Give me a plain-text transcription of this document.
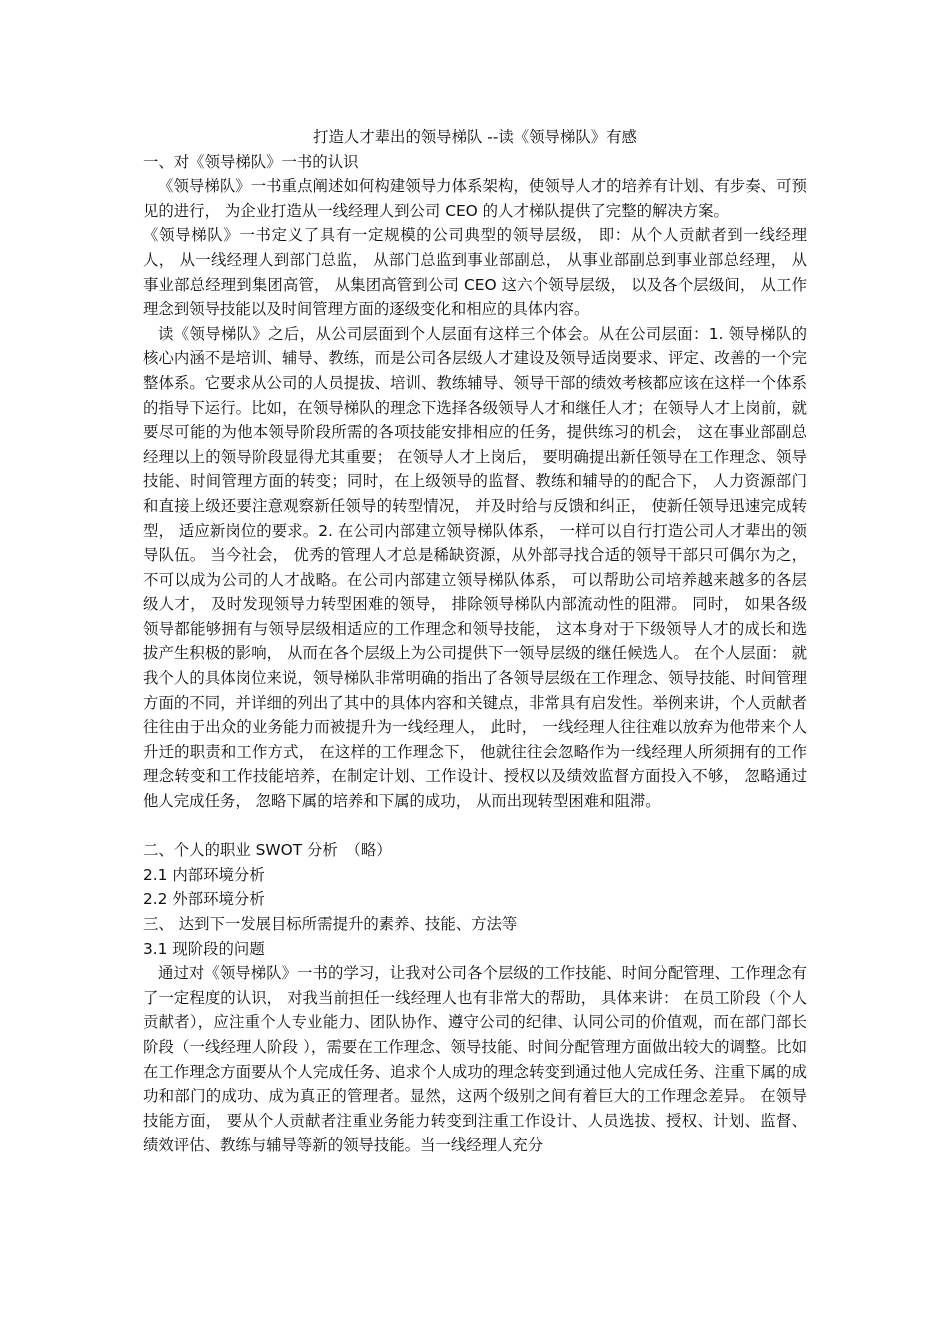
打造人才辈出的领导梯队 --读《领导梯队》有感

一、对《领导梯队》一书的认识

《领导梯队》一书重点阐述如何构建领导力体系架构，使领导人才的培养有计划、有步奏、可预见的进行， 为企业打造从一线经理人到公司 CEO 的人才梯队提供了完整的解决方案。

《领导梯队》一书定义了具有一定规模的公司典型的领导层级， 即：从个人贡献者到一线经理人， 从一线经理人到部门总监， 从部门总监到事业部副总， 从事业部副总到事业部总经理， 从事业部总经理到集团高管， 从集团高管到公司 CEO 这六个领导层级， 以及各个层级间， 从工作理念到领导技能以及时间管理方面的逐级变化和相应的具体内容。

读《领导梯队》之后，从公司层面到个人层面有这样三个体会。从在公司层面：1. 领导梯队的核心内涵不是培训、辅导、教练，而是公司各层级人才建设及领导适岗要求、评定、改善的一个完整体系。它要求从公司的人员提拔、培训、教练辅导、领导干部的绩效考核都应该在这样一个体系的指导下运行。比如，在领导梯队的理念下选择各级领导人才和继任人才；在领导人才上岗前，就要尽可能的为他本领导阶段所需的各项技能安排相应的任务，提供练习的机会， 这在事业部副总经理以上的领导阶段显得尤其重要； 在领导人才上岗后， 要明确提出新任领导在工作理念、领导技能、时间管理方面的转变；同时，在上级领导的监督、教练和辅导的的配合下， 人力资源部门和直接上级还要注意观察新任领导的转型情况， 并及时给与反馈和纠正， 使新任领导迅速完成转型， 适应新岗位的要求。2. 在公司内部建立领导梯队体系， 一样可以自行打造公司人才辈出的领导队伍。 当今社会， 优秀的管理人才总是稀缺资源，从外部寻找合适的领导干部只可偶尔为之，不可以成为公司的人才战略。在公司内部建立领导梯队体系， 可以帮助公司培养越来越多的各层级人才， 及时发现领导力转型困难的领导， 排除领导梯队内部流动性的阻滞。 同时， 如果各级领导都能够拥有与领导层级相适应的工作理念和领导技能， 这本身对于下级领导人才的成长和选拔产生积极的影响， 从而在各个层级上为公司提供下一领导层级的继任候选人。 在个人层面： 就我个人的具体岗位来说，领导梯队非常明确的指出了各领导层级在工作理念、领导技能、时间管理方面的不同，并详细的列出了其中的具体内容和关键点，非常具有启发性。举例来讲，个人贡献者往往由于出众的业务能力而被提升为一线经理人， 此时， 一线经理人往往难以放弃为他带来个人升迁的职责和工作方式， 在这样的工作理念下， 他就往往会忽略作为一线经理人所须拥有的工作理念转变和工作技能培养，在制定计划、工作设计、授权以及绩效监督方面投入不够， 忽略通过他人完成任务， 忽略下属的培养和下属的成功， 从而出现转型困难和阻滞。

二、个人的职业 SWOT 分析　（略）

2.1 内部环境分析

2.2 外部环境分析

三、 达到下一发展目标所需提升的素养、技能、方法等

3.1 现阶段的问题

通过对《领导梯队》一书的学习，让我对公司各个层级的工作技能、时间分配管理、工作理念有了一定程度的认识， 对我当前担任一线经理人也有非常大的帮助， 具体来讲： 在员工阶段（个人贡献者），应注重个人专业能力、团队协作、遵守公司的纪律、认同公司的价值观，而在部门部长阶段（一线经理人阶段 ），需要在工作理念、领导技能、时间分配管理方面做出较大的调整。比如在工作理念方面要从个人完成任务、追求个人成功的理念转变到通过他人完成任务、注重下属的成功和部门的成功、成为真正的管理者。显然，这两个级别之间有着巨大的工作理念差异。 在领导技能方面， 要从个人贡献者注重业务能力转变到注重工作设计、人员选拔、授权、计划、监督、绩效评估、教练与辅导等新的领导技能。当一线经理人充分
